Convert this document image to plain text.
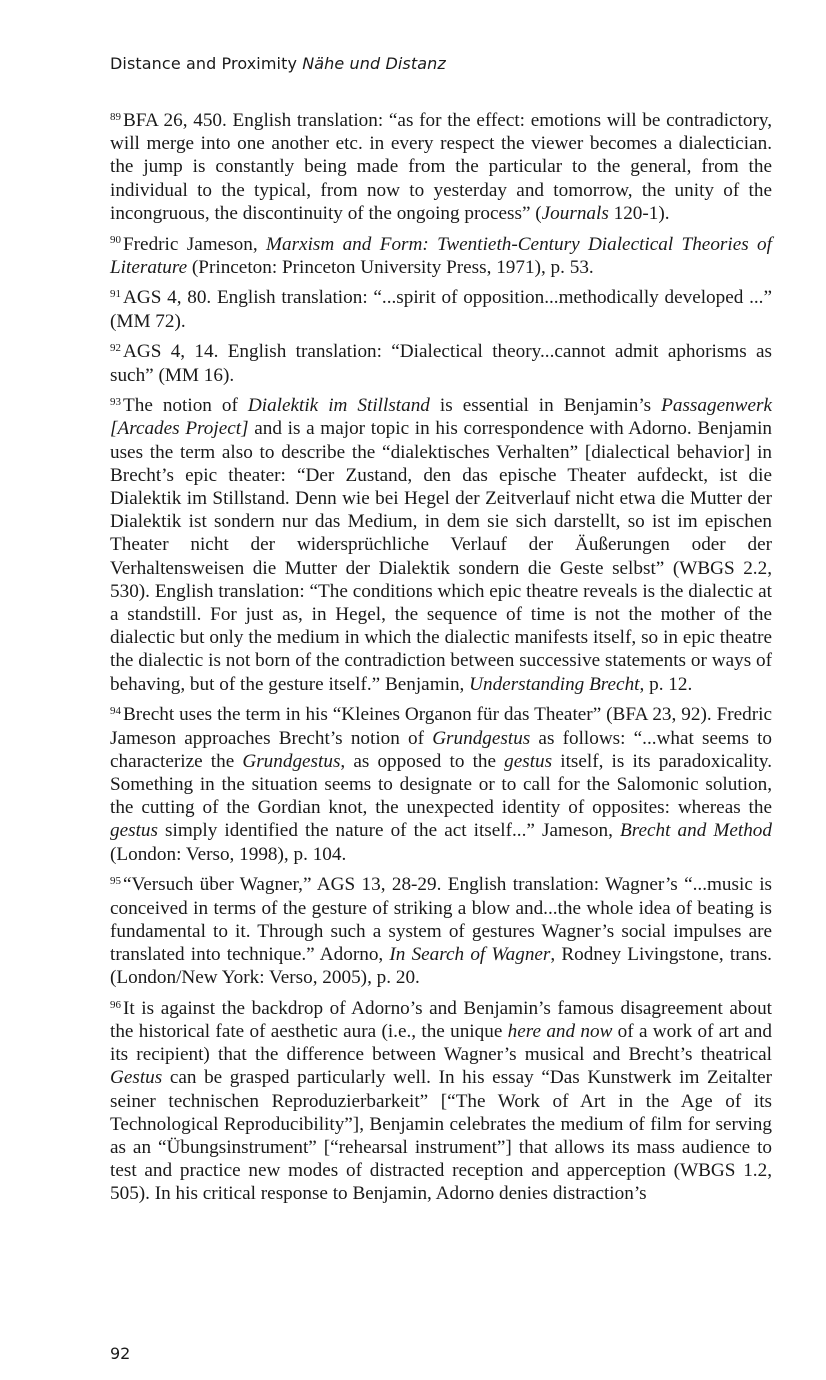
Distance and Proximity Nähe und Distanz
$^{89}$ BFA 26, 450. English translation: “as for the effect: emotions will be contradictory, will merge into one another etc. in every respect the viewer becomes a dialectician. the jump is constantly being made from the particular to the general, from the individual to the typical, from now to yesterday and tomorrow, the unity of the incongruous, the discontinuity of the ongoing process” (Journals 120-1).
$^{90}$ Fredric Jameson, Marxism and Form: Twentieth-Century Dialectical Theories of Literature (Princeton: Princeton University Press, 1971), p. 53.
$^{91}$ AGS 4, 80. English translation: “...spirit of opposition...methodically developed ...” (MM 72).
$^{92}$ AGS 4, 14. English translation: “Dialectical theory...cannot admit aphorisms as such” (MM 16).
$^{93}$ The notion of Dialektik im Stillstand is essential in Benjamin’s Passagenwerk [Arcades Project] and is a major topic in his correspondence with Adorno. Benjamin uses the term also to describe the “dialektisches Verhalten” [dialectical behavior] in Brecht’s epic theater: “Der Zustand, den das epische Theater aufdeckt, ist die Dialektik im Stillstand. Denn wie bei Hegel der Zeitverlauf nicht etwa die Mutter der Dialektik ist sondern nur das Medium, in dem sie sich darstellt, so ist im epischen Theater nicht der widersprüchliche Verlauf der Äußerungen oder der Verhaltensweisen die Mutter der Dialektik sondern die Geste selbst” (WBGS 2.2, 530). English translation: “The conditions which epic theatre reveals is the dialectic at a standstill. For just as, in Hegel, the sequence of time is not the mother of the dialectic but only the medium in which the dialectic manifests itself, so in epic theatre the dialectic is not born of the contradiction between successive statements or ways of behaving, but of the gesture itself.” Benjamin, Understanding Brecht, p. 12.
$^{94}$ Brecht uses the term in his “Kleines Organon für das Theater” (BFA 23, 92). Fredric Jameson approaches Brecht’s notion of Grundgestus as follows: “...what seems to characterize the Grundgestus, as opposed to the gestus itself, is its paradoxicality. Something in the situation seems to designate or to call for the Salomonic solution, the cutting of the Gordian knot, the unexpected identity of opposites: whereas the gestus simply identified the nature of the act itself...” Jameson, Brecht and Method (London: Verso, 1998), p. 104.
$^{95}$ “Versuch über Wagner,” AGS 13, 28-29. English translation: Wagner’s “...music is conceived in terms of the gesture of striking a blow and...the whole idea of beating is fundamental to it. Through such a system of gestures Wagner’s social impulses are translated into technique.” Adorno, In Search of Wagner, Rodney Livingstone, trans. (London/New York: Verso, 2005), p. 20.
$^{96}$ It is against the backdrop of Adorno’s and Benjamin’s famous disagreement about the historical fate of aesthetic aura (i.e., the unique here and now of a work of art and its recipient) that the difference between Wagner’s musical and Brecht’s theatrical Gestus can be grasped particularly well. In his essay “Das Kunstwerk im Zeitalter seiner technischen Reproduzierbarkeit” [“The Work of Art in the Age of its Technological Reproducibility”], Benjamin celebrates the medium of film for serving as an “Übungsinstrument” [“rehearsal instrument”] that allows its mass audience to test and practice new modes of distracted reception and apperception (WBGS 1.2, 505). In his critical response to Benjamin, Adorno denies distraction’s
92
